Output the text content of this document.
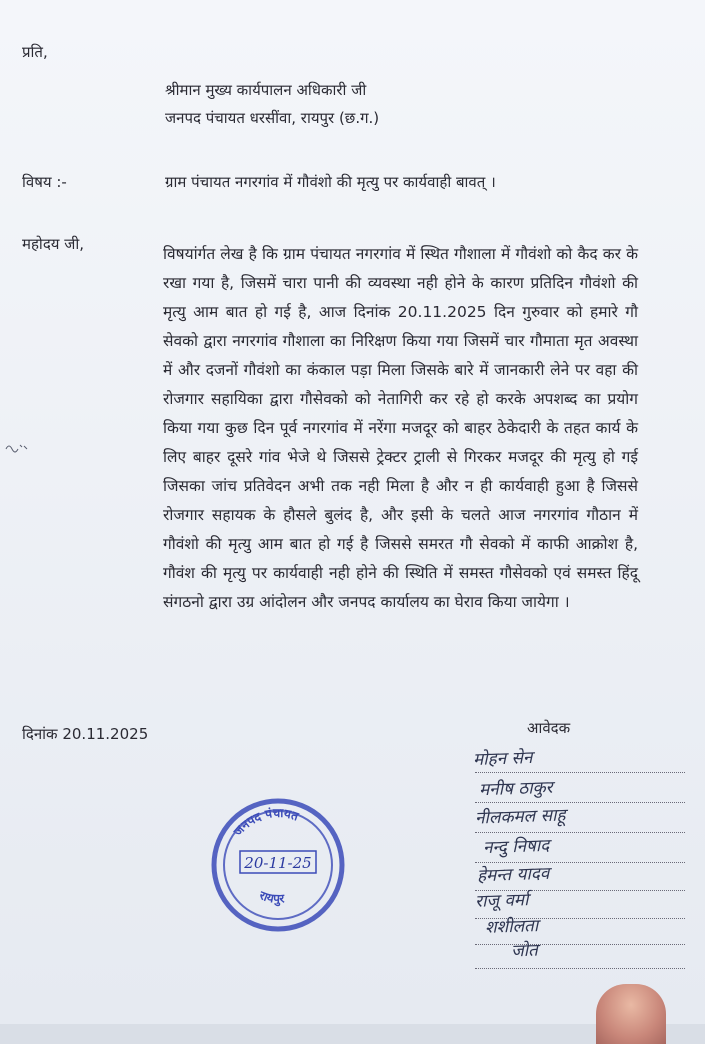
प्रति,
श्रीमान मुख्य कार्यपालन अधिकारी जी
जनपद पंचायत धरसींवा, रायपुर (छ.ग.)
विषय :-	ग्राम पंचायत नगरगांव में गौवंशो की मृत्यु पर कार्यवाही बावत् ।
महोदय जी,

विषयांर्गत लेख है कि ग्राम पंचायत नगरगांव में स्थित गौशाला में गौवंशो को कैद कर के रखा गया है, जिसमें चारा पानी की व्यवस्था नही होने के कारण प्रतिदिन गौवंशो की मृत्यु आम बात हो गई है, आज दिनांक 20.11.2025 दिन गुरुवार को हमारे गौ सेवको द्वारा नगरगांव गौशाला का निरिक्षण किया गया जिसमें चार गौमाता मृत अवस्था में और दजनों गौवंशो का कंकाल पड़ा मिला जिसके बारे में जानकारी लेने पर वहा की रोजगार सहायिका द्वारा गौसेवको को नेतागिरी कर रहे हो करके अपशब्द का प्रयोग किया गया कुछ दिन पूर्व नगरगांव में नरेंगा मजदूर को बाहर ठेकेदारी के तहत कार्य के लिए बाहर दूसरे गांव भेजे थे जिससे ट्रेक्टर ट्राली से गिरकर मजदूर की मृत्यु हो गई जिसका जांच प्रतिवेदन अभी तक नही मिला है और न ही कार्यवाही हुआ है जिससे रोजगार सहायक के हौसले बुलंद है, और इसी के चलते आज नगरगांव गौठान में गौवंशो की मृत्यु आम बात हो गई है जिससे समरत गौ सेवको में काफी आक्रोश है, गौवंश की मृत्यु पर कार्यवाही नही होने की स्थिति में समस्त गौसेवको एवं समस्त हिंदू संगठनो द्वारा उग्र आंदोलन और जनपद कार्यालय का घेराव किया जायेगा ।

दिनांक 20.11.2025	आवेदक
जनपद पंचायत
20-11-25
रायपुर
मोहन सेन
मनीष ठाकुर
नीलकमल साहू
नन्दु निषाद
हेमन्त यादव
राजू वर्मा
शशीलता
जोत
